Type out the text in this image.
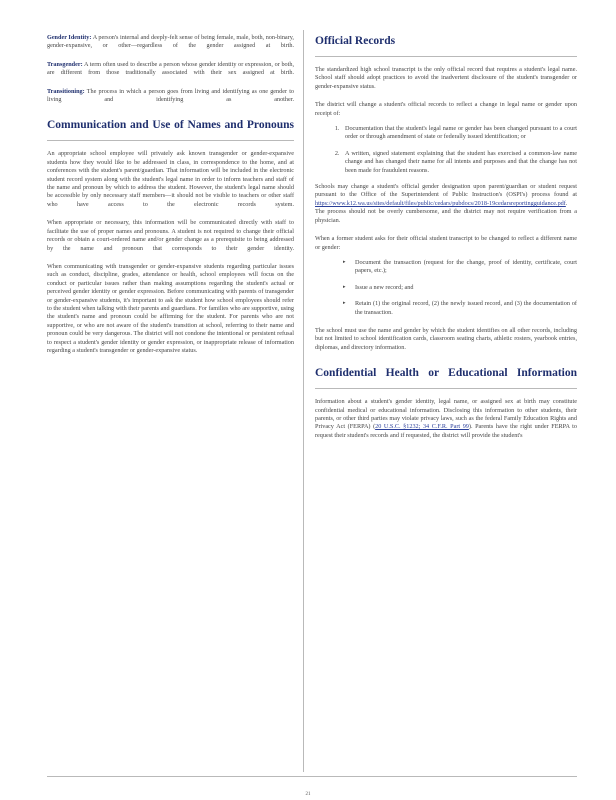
Gender Identity: A person's internal and deeply-felt sense of being female, male, both, non-binary, gender-expansive, or other—regardless of the gender assigned at birth.

Transgender: A term often used to describe a person whose gender identity or expression, or both, are different from those traditionally associated with their sex assigned at birth.

Transitioning: The process in which a person goes from living and identifying as one gender to living and identifying as another.

Communication and Use of Names and Pronouns

An appropriate school employee will privately ask known transgender or gender-expansive students how they would like to be addressed in class, in correspondence to the home, and at conferences with the student's parent/guardian. That information will be included in the electronic student record system along with the student's legal name in order to inform teachers and staff of the name and pronoun by which to address the student. However, the student's legal name should be accessible by only necessary staff members—it should not be visible to teachers or other staff who have access to the electronic records system.

When appropriate or necessary, this information will be communicated directly with staff to facilitate the use of proper names and pronouns. A student is not required to change their official records or obtain a court-ordered name and/or gender change as a prerequisite to being addressed by the name and pronoun that corresponds to their gender identity.

When communicating with transgender or gender-expansive students regarding particular issues such as conduct, discipline, grades, attendance or health, school employees will focus on the conduct or particular issues rather than making assumptions regarding the student's actual or perceived gender identity or gender expression. Before communicating with parents of transgender or gender-expansive students, it's important to ask the student how school employees should refer to the student when talking with their parents and guardians. For families who are supportive, using the student's name and pronoun could be affirming for the student. For parents who are not supportive, or who are not aware of the student's transition at school, referring to their name and pronoun could be very dangerous. The district will not condone the intentional or persistent refusal to respect a student's gender identity or gender expression, or inappropriate release of information regarding a student's transgender or gender-expansive status.

Official Records

The standardized high school transcript is the only official record that requires a student's legal name. School staff should adopt practices to avoid the inadvertent disclosure of the student's transgender or gender-expansive status.

The district will change a student's official records to reflect a change in legal name or gender upon receipt of:

1. Documentation that the student's legal name or gender has been changed pursuant to a court order or through amendment of state or federally issued identification; or
2. A written, signed statement explaining that the student has exercised a common-law name change and has changed their name for all intents and purposes and that the change has not been made for fraudulent reasons.

Schools may change a student's official gender designation upon parent/guardian or student request pursuant to the Office of the Superintendent of Public Instruction's (OSPI's) process found at https://www.k12.wa.us/sites/default/files/public/cedars/pubdocs/2018-19cedarsreportingguidance.pdf. The process should not be overly cumbersome, and the district may not require verification from a physician.

When a former student asks for their official student transcript to be changed to reflect a different name or gender:

▸ Document the transaction (request for the change, proof of identity, certificate, court papers, etc.);
▸ Issue a new record; and
▸ Retain (1) the original record, (2) the newly issued record, and (3) the documentation of the transaction.

The school must use the name and gender by which the student identifies on all other records, including but not limited to school identification cards, classroom seating charts, athletic rosters, yearbook entries, diplomas, and directory information.

Confidential Health or Educational Information

Information about a student's gender identity, legal name, or assigned sex at birth may constitute confidential medical or educational information. Disclosing this information to other students, their parents, or other third parties may violate privacy laws, such as the federal Family Education Rights and Privacy Act (FERPA) (20 U.S.C. §1232; 34 C.F.R. Part 99). Parents have the right under FERPA to request their student's records and if requested, the district will provide the student's

21
